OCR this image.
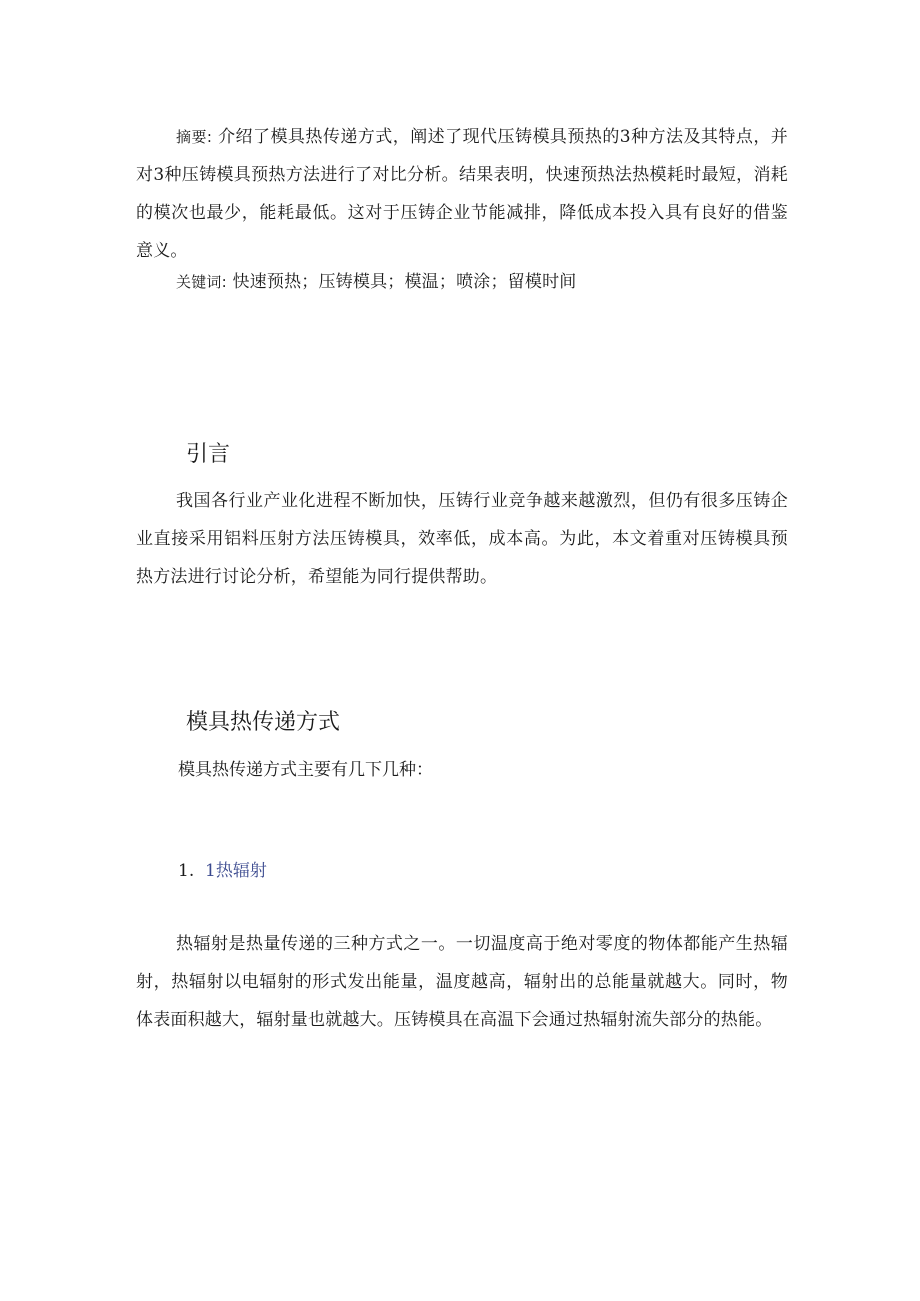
摘要: 介绍了模具热传递方式，阐述了现代压铸模具预热的3种方法及其特点，并对3种压铸模具预热方法进行了对比分析。结果表明，快速预热法热模耗时最短，消耗的模次也最少，能耗最低。这对于压铸企业节能减排，降低成本投入具有良好的借鉴意义。

关键词: 快速预热；压铸模具；模温；喷涂；留模时间

引言

我国各行业产业化进程不断加快，压铸行业竞争越来越激烈，但仍有很多压铸企业直接采用铝料压射方法压铸模具，效率低，成本高。为此，本文着重对压铸模具预热方法进行讨论分析，希望能为同行提供帮助。

模具热传递方式
模具热传递方式主要有几下几种：
1. 1热辐射

热辐射是热量传递的三种方式之一。一切温度高于绝对零度的物体都能产生热辐射，热辐射以电辐射的形式发出能量，温度越高，辐射出的总能量就越大。同时，物体表面积越大，辐射量也就越大。压铸模具在高温下会通过热辐射流失部分的热能。
